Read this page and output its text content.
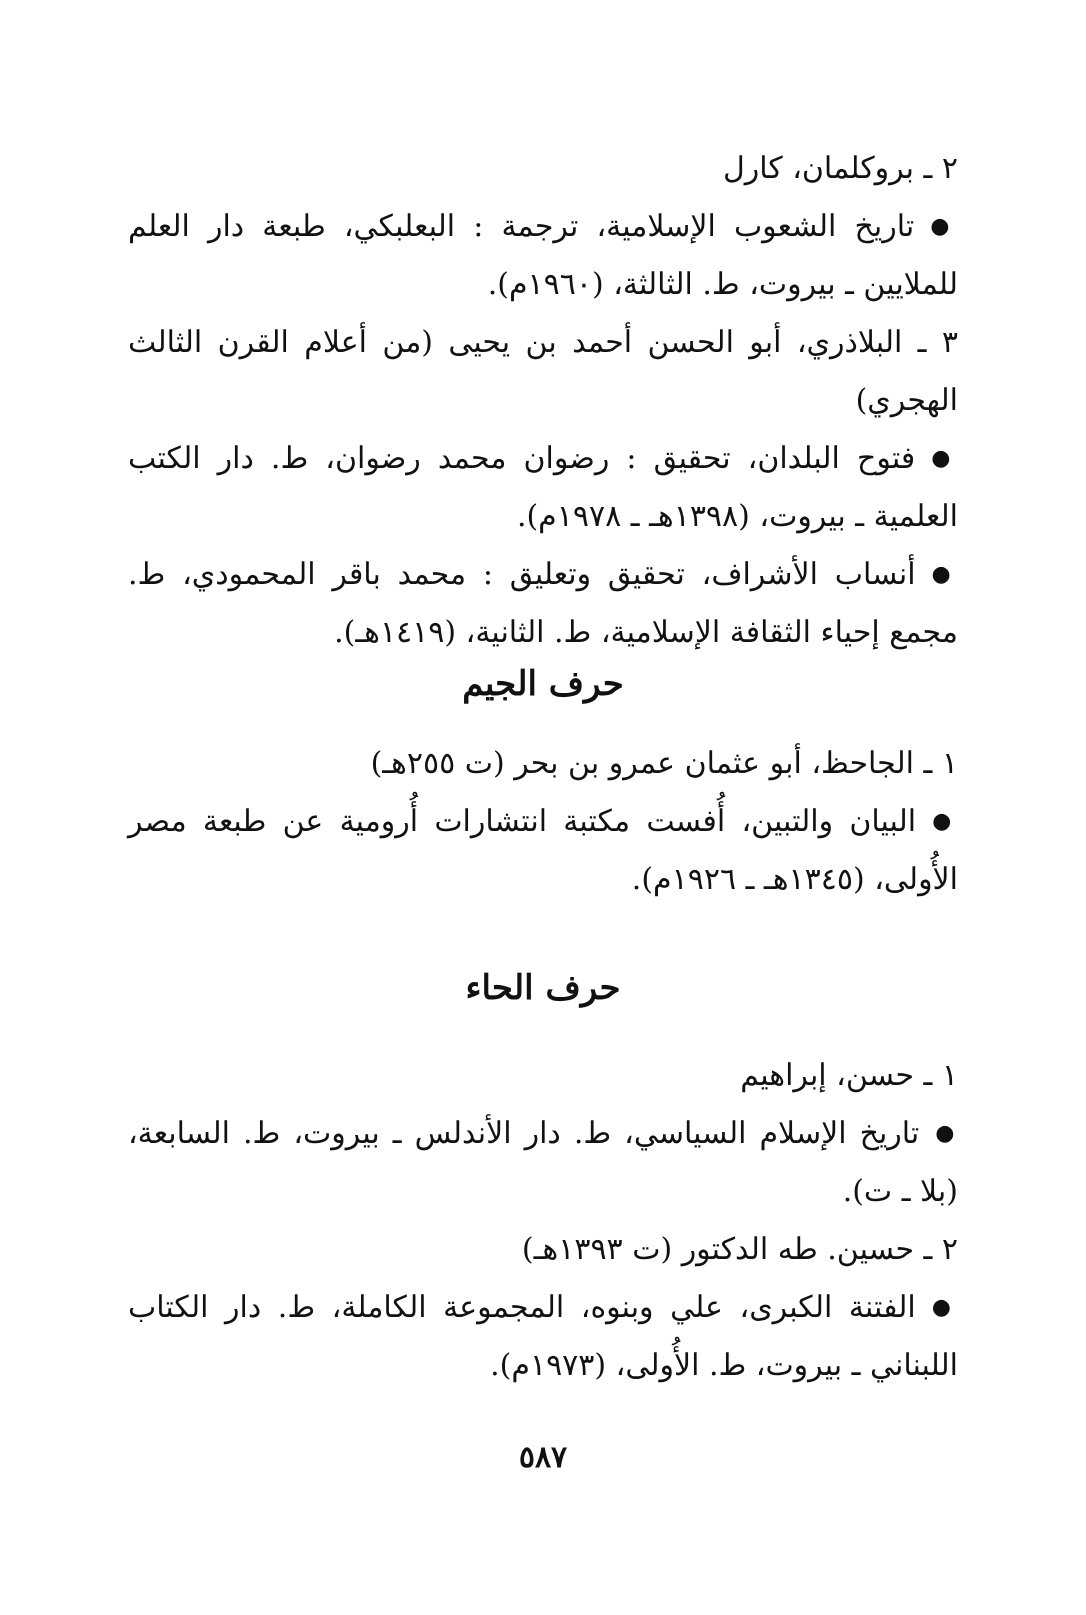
٢ ـ بروكلمان، كارل

●تاريخ الشعوب الإسلامية، ترجمة : البعلبكي، طبعة دار العلم للملايين ـ بيروت، ط. الثالثة، (١٩٦٠م).

٣ ـ البلاذري، أبو الحسن أحمد بن يحيى (من أعلام القرن الثالث الهجري)

●فتوح البلدان، تحقيق : رضوان محمد رضوان، ط. دار الكتب العلمية ـ بيروت، (١٣٩٨هـ ـ ١٩٧٨م).

●أنساب الأشراف، تحقيق وتعليق : محمد باقر المحمودي، ط. مجمع إحياء الثقافة الإسلامية، ط. الثانية، (١٤١٩هـ).

حرف الجيم

١ ـ الجاحظ، أبو عثمان عمرو بن بحر (ت ٢٥٥هـ)

●البيان والتبين، أُفست مكتبة انتشارات أُرومية عن طبعة مصر الأُولى، (١٣٤٥هـ ـ ١٩٢٦م).

حرف الحاء

١ ـ حسن، إبراهيم

●تاريخ الإسلام السياسي، ط. دار الأندلس ـ بيروت، ط. السابعة، (بلا ـ ت).

٢ ـ حسين. طه الدكتور (ت ١٣٩٣هـ)

●الفتنة الكبرى، علي وبنوه، المجموعة الكاملة، ط. دار الكتاب اللبناني ـ بيروت، ط. الأُولى، (١٩٧٣م).

٥٨٧
